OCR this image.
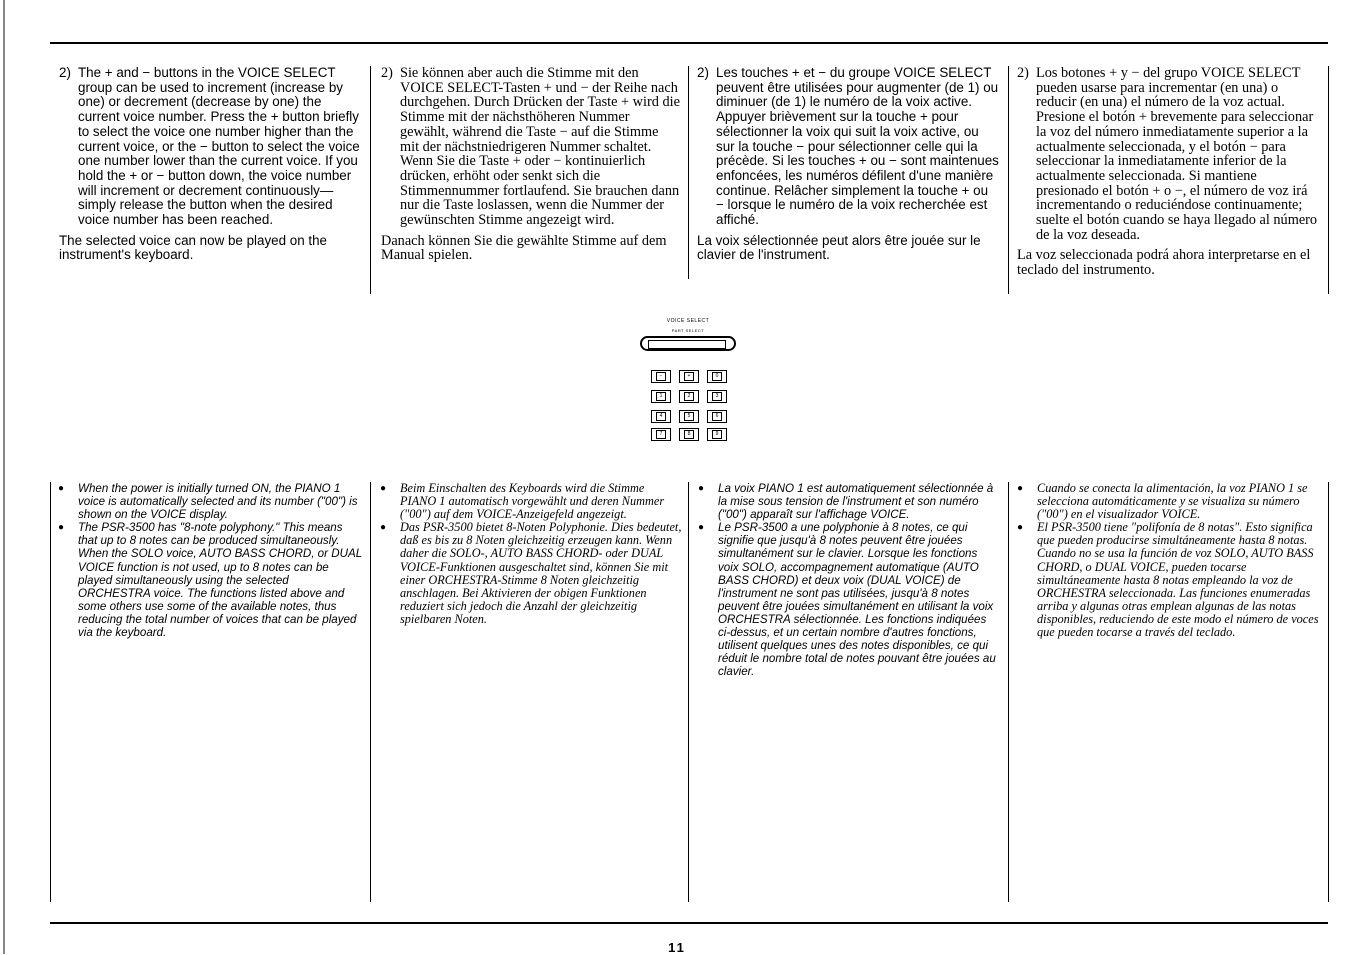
2) The + and − buttons in the VOICE SELECT group can be used to increment (increase by one) or decrement (decrease by one) the current voice number. Press the + button briefly to select the voice one number higher than the current voice, or the − button to select the voice one number lower than the current voice. If you hold the + or − button down, the voice number will increment or decrement continuously— simply release the button when the desired voice number has been reached.
The selected voice can now be played on the instrument's keyboard.
2) Sie können aber auch die Stimme mit den VOICE SELECT-Tasten + und − der Reihe nach durchgehen. Durch Drücken der Taste + wird die Stimme mit der nächsthöheren Nummer gewählt, während die Taste − auf die Stimme mit der nächstniedrigeren Nummer schaltet. Wenn Sie die Taste + oder − kontinuierlich drücken, erhöht oder senkt sich die Stimmennummer fortlaufend. Sie brauchen dann nur die Taste loslassen, wenn die Nummer der gewünschten Stimme angezeigt wird.
Danach können Sie die gewählte Stimme auf dem Manual spielen.
2) Les touches + et − du groupe VOICE SELECT peuvent être utilisées pour augmenter (de 1) ou diminuer (de 1) le numéro de la voix active. Appuyer brièvement sur la touche + pour sélectionner la voix qui suit la voix active, ou sur la touche − pour sélectionner celle qui la précède. Si les touches + ou − sont maintenues enfoncées, les numéros défilent d'une manière continue. Relâcher simplement la touche + ou − lorsque le numéro de la voix recherchée est affiché.
La voix sélectionnée peut alors être jouée sur le clavier de l'instrument.
2) Los botones + y − del grupo VOICE SELECT pueden usarse para incrementar (en una) o reducir (en una) el número de la voz actual. Presione el botón + brevemente para seleccionar la voz del número inmediatamente superior a la actualmente seleccionada, y el botón − para seleccionar la inmediatamente inferior de la actualmente seleccionada. Si mantiene presionado el botón + o −, el número de voz irá incrementando o reduciéndose continuamente; suelte el botón cuando se haya llegado al número de la voz deseada.
La voz seleccionada podrá ahora interpretarse en el teclado del instrumento.
VOICE SELECT
PART SELECT
−	+	0
1	2	3
4	5	6
7	8	9
●	When the power is initially turned ON, the PIANO 1 voice is automatically selected and its number ("00") is shown on the VOICE display.
●	The PSR-3500 has "8-note polyphony." This means that up to 8 notes can be produced simultaneously. When the SOLO voice, AUTO BASS CHORD, or DUAL VOICE function is not used, up to 8 notes can be played simultaneously using the selected ORCHESTRA voice. The functions listed above and some others use some of the available notes, thus reducing the total number of voices that can be played via the keyboard.
●	Beim Einschalten des Keyboards wird die Stimme PIANO 1 automatisch vorgewählt und deren Nummer ("00") auf dem VOICE-Anzeigefeld angezeigt.
●	Das PSR-3500 bietet 8-Noten Polyphonie. Dies bedeutet, daß es bis zu 8 Noten gleichzeitig erzeugen kann. Wenn daher die SOLO-, AUTO BASS CHORD- oder DUAL VOICE-Funktionen ausgeschaltet sind, können Sie mit einer ORCHESTRA-Stimme 8 Noten gleichzeitig anschlagen. Bei Aktivieren der obigen Funktionen reduziert sich jedoch die Anzahl der gleichzeitig spielbaren Noten.
●	La voix PIANO 1 est automatiquement sélectionnée à la mise sous tension de l'instrument et son numéro ("00") apparaît sur l'affichage VOICE.
●	Le PSR-3500 a une polyphonie à 8 notes, ce qui signifie que jusqu'à 8 notes peuvent être jouées simultanément sur le clavier. Lorsque les fonctions voix SOLO, accompagnement automatique (AUTO BASS CHORD) et deux voix (DUAL VOICE) de l'instrument ne sont pas utilisées, jusqu'à 8 notes peuvent être jouées simultanément en utilisant la voix ORCHESTRA sélectionnée. Les fonctions indiquées ci-dessus, et un certain nombre d'autres fonctions, utilisent quelques unes des notes disponibles, ce qui réduit le nombre total de notes pouvant être jouées au clavier.
●	Cuando se conecta la alimentación, la voz PIANO 1 se selecciona automáticamente y se visualiza su número ("00") en el visualizador VOICE.
●	El PSR-3500 tiene "polifonía de 8 notas". Esto significa que pueden producirse simultáneamente hasta 8 notas. Cuando no se usa la función de voz SOLO, AUTO BASS CHORD, o DUAL VOICE, pueden tocarse simultáneamente hasta 8 notas empleando la voz de ORCHESTRA seleccionada. Las funciones enumeradas arriba y algunas otras emplean algunas de las notas disponibles, reduciendo de este modo el número de voces que pueden tocarse a través del teclado.
11
